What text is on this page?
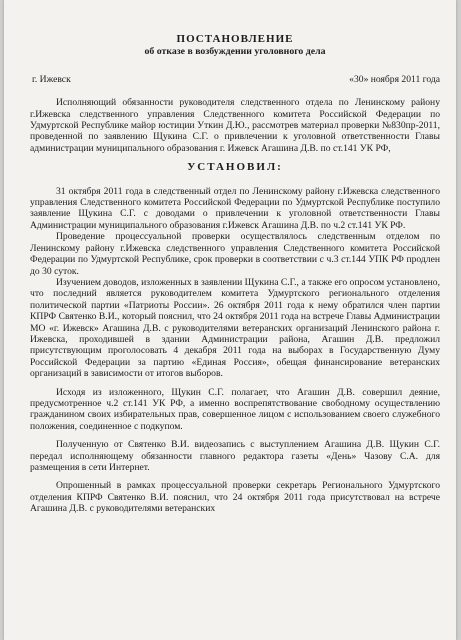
ПОСТАНОВЛЕНИЕ
об отказе в возбуждении уголовного дела
г. Ижевск	«30» ноября 2011 года

Исполняющий обязанности руководителя следственного отдела по Ленинскому району г.Ижевска следственного управления Следственного комитета Российской Федерации по Удмуртской Республике майор юстиции Уткин Д.Ю., рассмотрев материал проверки №830пр-2011, проведенной по заявлению Щукина С.Г. о привлечении к уголовной ответственности Главы администрации муниципального образования г. Ижевск Агашина Д.В. по ст.141 УК РФ,

УСТАНОВИЛ:

31 октября 2011 года в следственный отдел по Ленинскому району г.Ижевска следственного управления Следственного комитета Российской Федерации по Удмуртской Республике поступило заявление Щукина С.Г. с доводами о привлечении к уголовной ответственности Главы Администрации муниципального образования г.Ижевск Агашина Д.В. по ч.2 ст.141 УК РФ.

Проведение процессуальной проверки осуществлялось следственным отделом по Ленинскому району г.Ижевска следственного управления Следственного комитета Российской Федерации по Удмуртской Республике, срок проверки в соответствии с ч.3 ст.144 УПК РФ продлен до 30 суток.

Изучением доводов, изложенных в заявлении Щукина С.Г., а также его опросом установлено, что последний является руководителем комитета Удмуртского регионального отделения политической партии «Патриоты России». 26 октября 2011 года к нему обратился член партии КПРФ Святенко В.И., который пояснил, что 24 октября 2011 года на встрече Главы Администрации МО «г. Ижевск» Агашина Д.В. с руководителями ветеранских организаций Ленинского района г. Ижевска, проходившей в здании Администрации района, Агашин Д.В. предложил присутствующим проголосовать 4 декабря 2011 года на выборах в Государственную Думу Российской Федерации за партию «Единая Россия», обещая финансирование ветеранских организаций в зависимости от итогов выборов.

Исходя из изложенного, Щукин С.Г. полагает, что Агашин Д.В. совершил деяние, предусмотренное ч.2 ст.141 УК РФ, а именно воспрепятствование свободному осуществлению гражданином своих избирательных прав, совершенное лицом с использованием своего служебного положения, соединенное с подкупом.

Полученную от Святенко В.И. видеозапись с выступлением Агашина Д.В. Щукин С.Г. передал исполняющему обязанности главного редактора газеты «День» Чазову С.А. для размещения в сети Интернет.

Опрошенный в рамках процессуальной проверки секретарь Регионального Удмуртского отделения КПРФ Святенко В.И. пояснил, что 24 октября 2011 года присутствовал на встрече Агашина Д.В. с руководителями ветеранских
